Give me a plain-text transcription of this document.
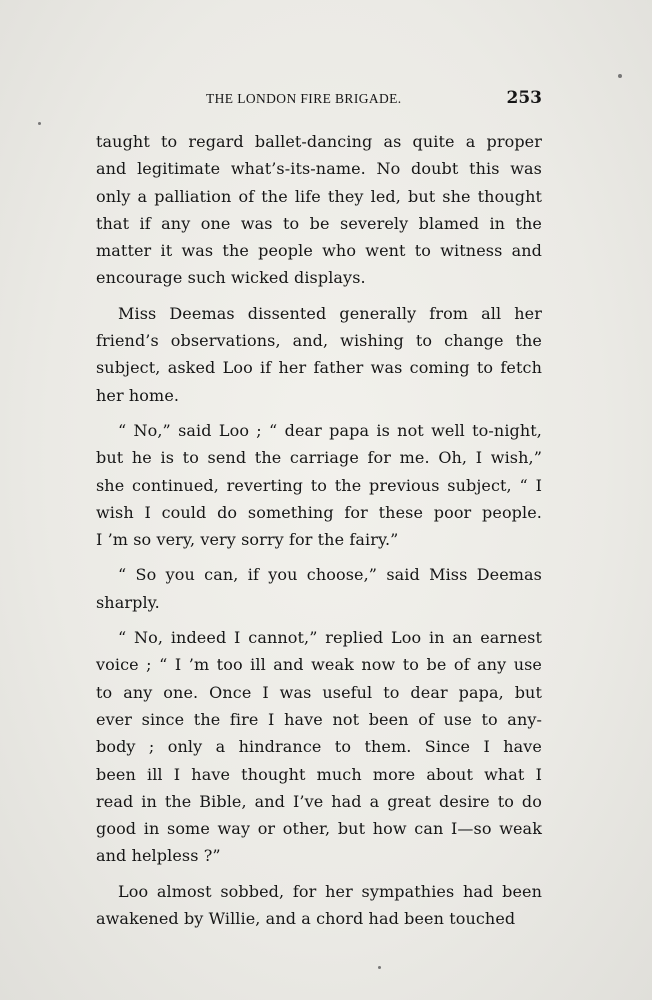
THE LONDON FIRE BRIGADE.	253
taught to regard ballet-dancing as quite a proper
and legitimate what’s-its-name. No doubt this was
only a palliation of the life they led, but she thought
that if any one was to be severely blamed in the
matter it was the people who went to witness and
encourage such wicked displays.
Miss Deemas dissented generally from all her
friend’s observations, and, wishing to change the
subject, asked Loo if her father was coming to fetch
her home.
“ No,” said Loo ; “ dear papa is not well to-night,
but he is to send the carriage for me. Oh, I wish,”
she continued, reverting to the previous subject, “ I
wish I could do something for these poor people.
I ’m so very, very sorry for the fairy.”
“ So you can, if you choose,” said Miss Deemas
sharply.
“ No, indeed I cannot,” replied Loo in an earnest
voice ; “ I ’m too ill and weak now to be of any use
to any one. Once I was useful to dear papa, but
ever since the fire I have not been of use to any-
body ; only a hindrance to them. Since I have
been ill I have thought much more about what I
read in the Bible, and I’ve had a great desire to do
good in some way or other, but how can I—so weak
and helpless ?”
Loo almost sobbed, for her sympathies had been
awakened by Willie, and a chord had been touched
